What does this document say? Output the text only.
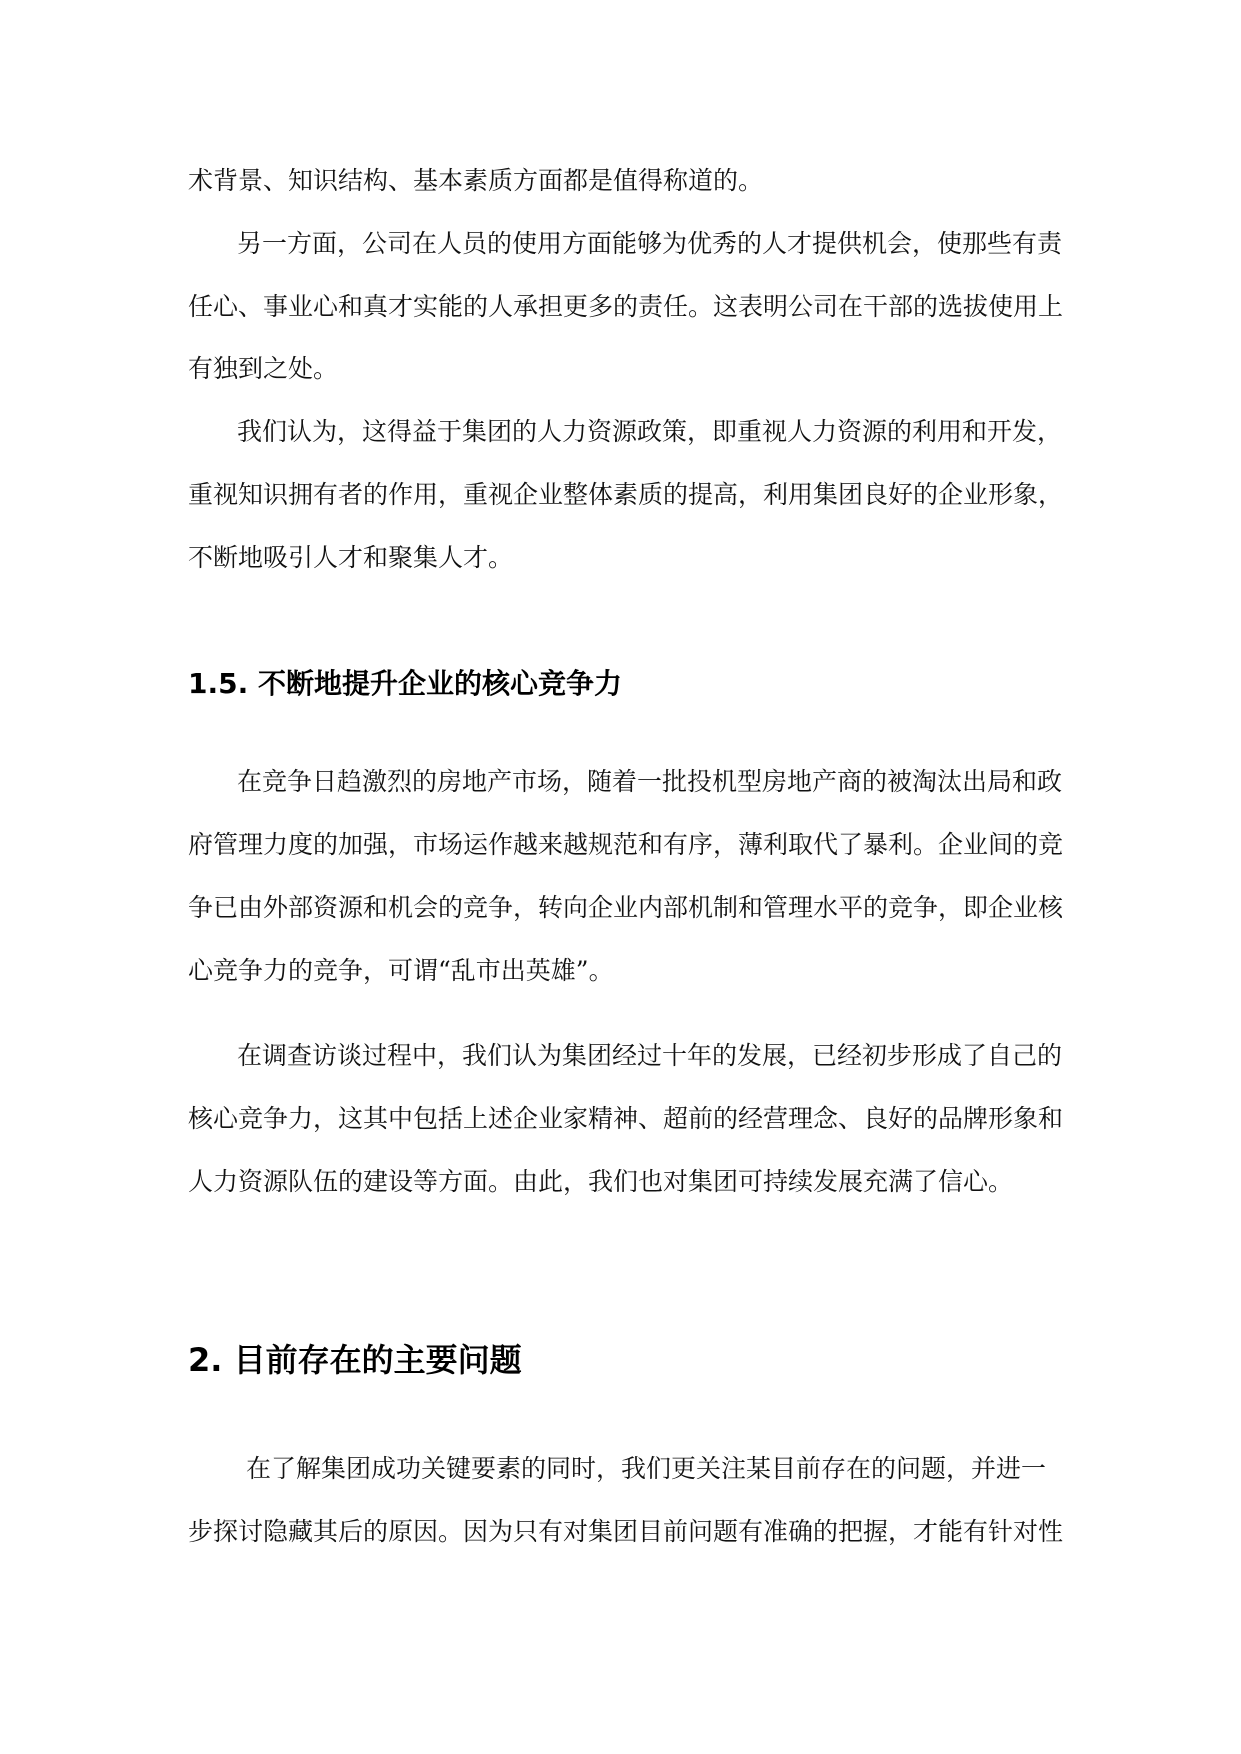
术背景、知识结构、基本素质方面都是值得称道的。

另一方面，公司在人员的使用方面能够为优秀的人才提供机会，使那些有责

任心、事业心和真才实能的人承担更多的责任。这表明公司在干部的选拔使用上

有独到之处。

我们认为，这得益于集团的人力资源政策，即重视人力资源的利用和开发，

重视知识拥有者的作用，重视企业整体素质的提高，利用集团良好的企业形象，

不断地吸引人才和聚集人才。

1.5. 不断地提升企业的核心竞争力

在竞争日趋激烈的房地产市场，随着一批投机型房地产商的被淘汰出局和政

府管理力度的加强，市场运作越来越规范和有序，薄利取代了暴利。企业间的竞

争已由外部资源和机会的竞争，转向企业内部机制和管理水平的竞争，即企业核

心竞争力的竞争，可谓“乱市出英雄”。

在调查访谈过程中，我们认为集团经过十年的发展，已经初步形成了自己的

核心竞争力，这其中包括上述企业家精神、超前的经营理念、良好的品牌形象和

人力资源队伍的建设等方面。由此，我们也对集团可持续发展充满了信心。

2. 目前存在的主要问题

在了解集团成功关键要素的同时，我们更关注某目前存在的问题，并进一

步探讨隐藏其后的原因。因为只有对集团目前问题有准确的把握，才能有针对性
